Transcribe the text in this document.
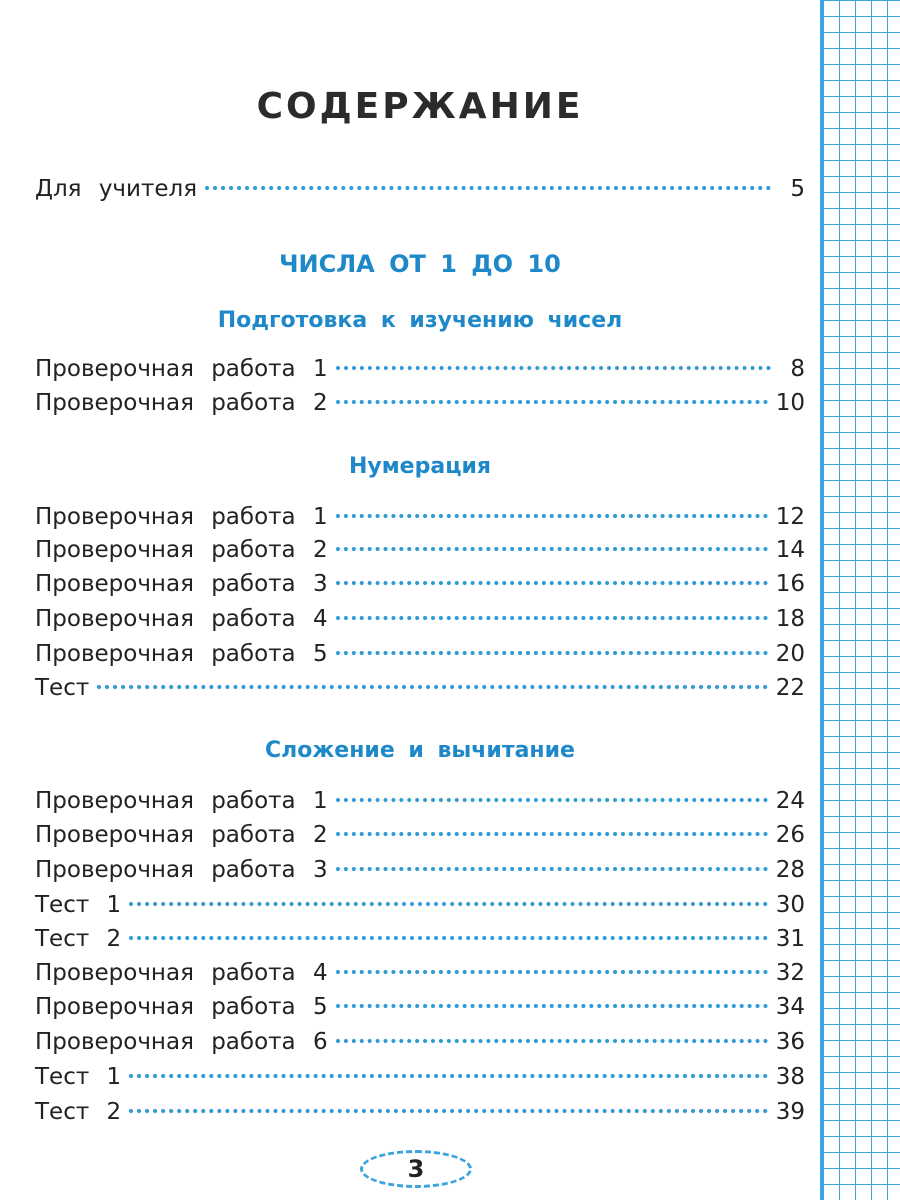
СОДЕРЖАНИЕ
Для учителя	5
ЧИСЛА ОТ 1 ДО 10
Подготовка к изучению чисел
Проверочная работа 1	8
Проверочная работа 2	10
Нумерация
Проверочная работа 1	12
Проверочная работа 2	14
Проверочная работа 3	16
Проверочная работа 4	18
Проверочная работа 5	20
Тест	22
Сложение и вычитание
Проверочная работа 1	24
Проверочная работа 2	26
Проверочная работа 3	28
Тест 1	30
Тест 2	31
Проверочная работа 4	32
Проверочная работа 5	34
Проверочная работа 6	36
Тест 1	38
Тест 2	39
3
